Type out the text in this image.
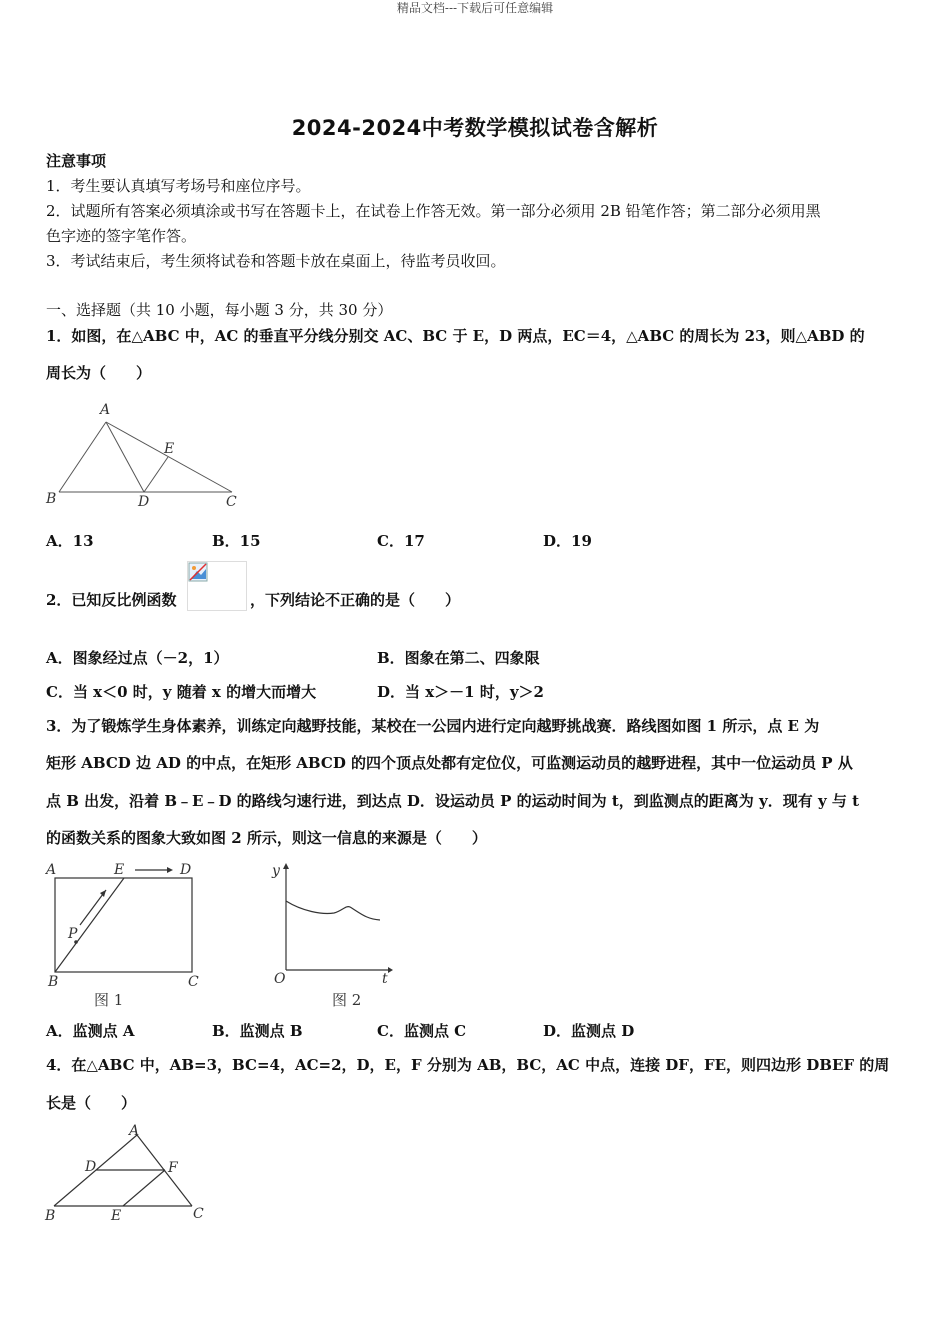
精品文档---下载后可任意编辑
2024-2024中考数学模拟试卷含解析
注意事项
1．考生要认真填写考场号和座位序号。
2．试题所有答案必须填涂或书写在答题卡上，在试卷上作答无效。第一部分必须用 2B 铅笔作答；第二部分必须用黑
色字迹的签字笔作答。
3．考试结束后，考生须将试卷和答题卡放在桌面上，待监考员收回。
一、选择题（共 10 小题，每小题 3 分，共 30 分）
1．如图，在△ABC 中，AC 的垂直平分线分别交 AC、BC 于 E，D 两点，EC＝4，△ABC 的周长为 23，则△ABD 的
周长为（　　）
A
B	D	C
E
A．13	B．15	C．17	D．19
2．已知反比例函数	，下列结论不正确的是（　　）
A．图象经过点（－2，1）	B．图象在第二、四象限
C．当 x＜0 时，y 随着 x 的增大而增大	D．当 x＞－1 时，y＞2
3．为了锻炼学生身体素养，训练定向越野技能，某校在一公园内进行定向越野挑战赛．路线图如图 1 所示，点 E 为
矩形 ABCD 边 AD 的中点，在矩形 ABCD 的四个顶点处都有定位仪，可监测运动员的越野进程，其中一位运动员 P 从
点 B 出发，沿着 B﹣E﹣D 的路线匀速行进，到达点 D．设运动员 P 的运动时间为 t，到监测点的距离为 y．现有 y 与 t
的函数关系的图象大致如图 2 所示，则这一信息的来源是（　　）
A	E	D
P
B	C
图 1
y
t
O
图 2
A．监测点 A	B．监测点 B	C．监测点 C	D．监测点 D
4．在△ABC 中，AB=3，BC=4，AC=2，D，E，F 分别为 AB，BC，AC 中点，连接 DF，FE，则四边形 DBEF 的周
长是（　　）
A
D	F
B	E	C
